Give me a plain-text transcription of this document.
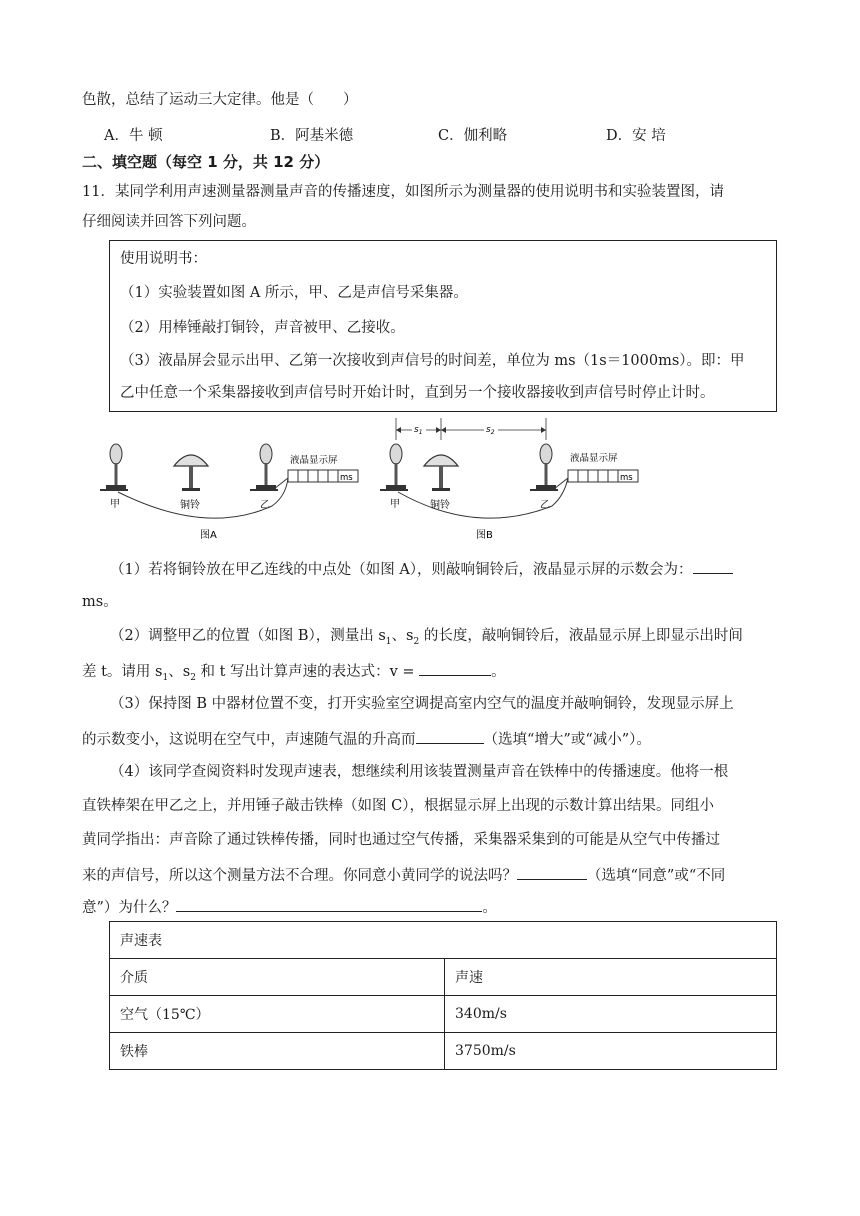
色散，总结了运动三大定律。他是（　　）
A．牛 顿	B．阿基米德	C．伽利略	D．安 培
二、填空题（每空 1 分，共 12 分）
11．某同学利用声速测量器测量声音的传播速度，如图所示为测量器的使用说明书和实验装置图，请
仔细阅读并回答下列问题。
使用说明书：
（1）实验装置如图 A 所示，甲、乙是声信号采集器。
（2）用棒锤敲打铜铃，声音被甲、乙接收。
（3）液晶屏会显示出甲、乙第一次接收到声信号的时间差，单位为 ms（1s＝1000ms）。即：甲
乙中任意一个采集器接收到声信号时开始计时，直到另一个接收器接收到声信号时停止计时。
甲	铜铃	乙
ms
液晶显示屏
图A
$s_1$	$s_2$
甲	铜铃	乙
ms
液晶显示屏
图B
（1）若将铜铃放在甲乙连线的中点处（如图 A），则敲响铜铃后，液晶显示屏的示数会为：
ms。
（2）调整甲乙的位置（如图 B），测量出 $s_1$、$s_2$ 的长度，敲响铜铃后，液晶显示屏上即显示出时间
差 t。请用 $s_1$、$s_2$ 和 t 写出计算声速的表达式：v =	。
（3）保持图 B 中器材位置不变，打开实验室空调提高室内空气的温度并敲响铜铃，发现显示屏上
的示数变小，这说明在空气中，声速随气温的升高而	（选填“增大”或“减小”）。
（4）该同学查阅资料时发现声速表，想继续利用该装置测量声音在铁棒中的传播速度。他将一根
直铁棒架在甲乙之上，并用锤子敲击铁棒（如图 C），根据显示屏上出现的示数计算出结果。同组小
黄同学指出：声音除了通过铁棒传播，同时也通过空气传播，采集器采集到的可能是从空气中传播过
来的声信号，所以这个测量方法不合理。你同意小黄同学的说法吗？	（选填“同意”或“不同
意”）为什么？	。
声速表	
介质	声速
空气（15℃）	340m/s
铁棒	3750m/s
